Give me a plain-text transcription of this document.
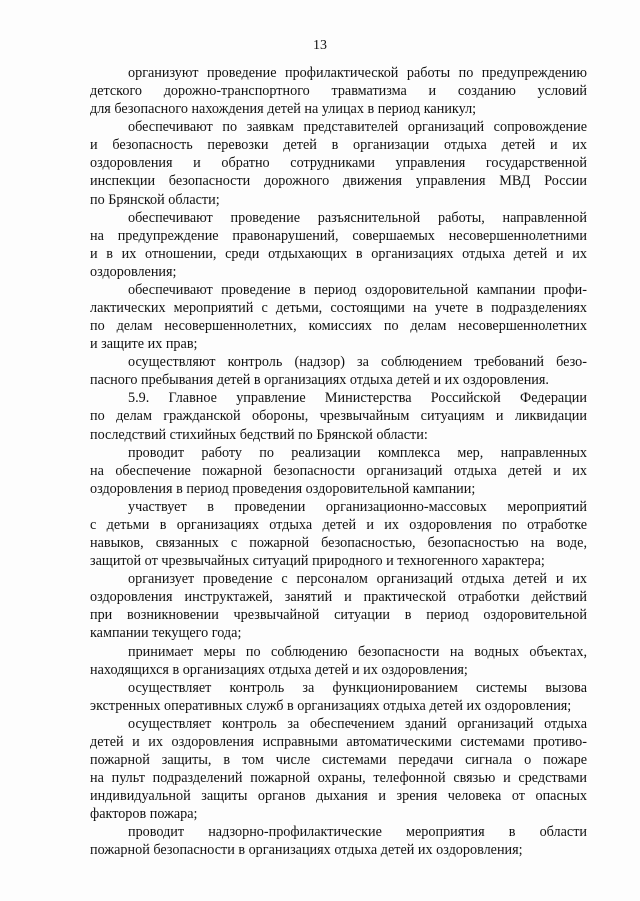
13
организуют проведение профилактической работы по предупреждению
детского дорожно-транспортного травматизма и созданию условий
для безопасного нахождения детей на улицах в период каникул;
обеспечивают по заявкам представителей организаций сопровождение
и безопасность перевозки детей в организации отдыха детей и их
оздоровления и обратно сотрудниками управления государственной
инспекции безопасности дорожного движения управления МВД России
по Брянской области;
обеспечивают проведение разъяснительной работы, направленной
на предупреждение правонарушений, совершаемых несовершеннолетними
и в их отношении, среди отдыхающих в организациях отдыха детей и их
оздоровления;
обеспечивают проведение в период оздоровительной кампании профи-
лактических мероприятий с детьми, состоящими на учете в подразделениях
по делам несовершеннолетних, комиссиях по делам несовершеннолетних
и защите их прав;
осуществляют контроль (надзор) за соблюдением требований безо-
пасного пребывания детей в организациях отдыха детей и их оздоровления.
5.9. Главное управление Министерства Российской Федерации
по делам гражданской обороны, чрезвычайным ситуациям и ликвидации
последствий стихийных бедствий по Брянской области:
проводит работу по реализации комплекса мер, направленных
на обеспечение пожарной безопасности организаций отдыха детей и их
оздоровления в период проведения оздоровительной кампании;
участвует в проведении организационно-массовых мероприятий
с детьми в организациях отдыха детей и их оздоровления по отработке
навыков, связанных с пожарной безопасностью, безопасностью на воде,
защитой от чрезвычайных ситуаций природного и техногенного характера;
организует проведение с персоналом организаций отдыха детей и их
оздоровления инструктажей, занятий и практической отработки действий
при возникновении чрезвычайной ситуации в период оздоровительной
кампании текущего года;
принимает меры по соблюдению безопасности на водных объектах,
находящихся в организациях отдыха детей и их оздоровления;
осуществляет контроль за функционированием системы вызова
экстренных оперативных служб в организациях отдыха детей их оздоровления;
осуществляет контроль за обеспечением зданий организаций отдыха
детей и их оздоровления исправными автоматическими системами противо-
пожарной защиты, в том числе системами передачи сигнала о пожаре
на пульт подразделений пожарной охраны, телефонной связью и средствами
индивидуальной защиты органов дыхания и зрения человека от опасных
факторов пожара;
проводит надзорно-профилактические мероприятия в области
пожарной безопасности в организациях отдыха детей их оздоровления;
